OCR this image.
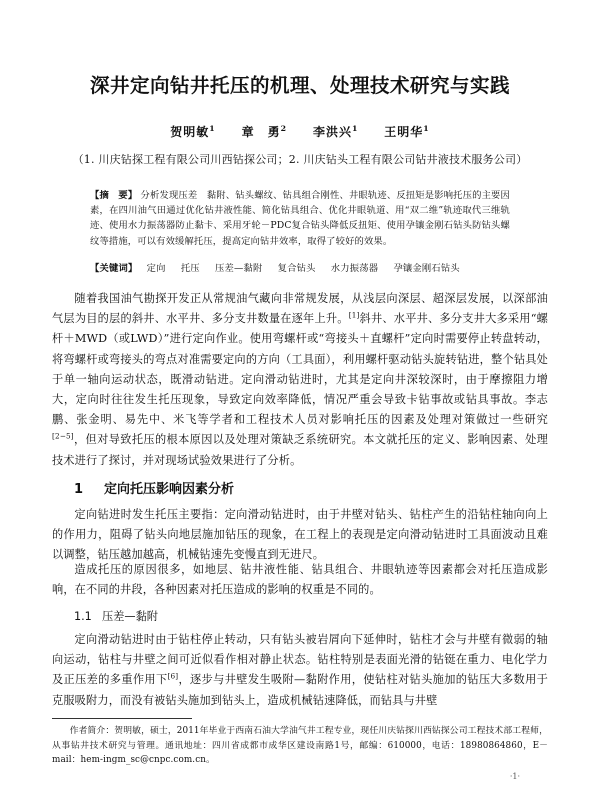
深井定向钻井托压的机理、处理技术研究与实践
贺明敏$^1$ 章　勇$^2$ 李洪兴$^1$ 王明华$^1$
（1. 川庆钻探工程有限公司川西钻探公司；2. 川庆钻头工程有限公司钻井液技术服务公司）
【摘　要】 分析发现压差　黏附、钻头螺纹、钻具组合刚性、井眼轨迹、反扭矩是影响托压的主要因素，在四川油气田通过优化钻井液性能、简化钻具组合、优化井眼轨道、用“双二维”轨迹取代三维轨迹、使用水力振荡器防止黏卡、采用牙轮－PDC复合钻头降低反扭矩、使用孕镶金刚石钻头防钻头螺纹等措施，可以有效缓解托压，提高定向钻井效率，取得了较好的效果。
【关键词】 定向 托压 压差—黏附 复合钻头 水力振荡器 孕镶金刚石钻头

随着我国油气勘探开发正从常规油气藏向非常规发展，从浅层向深层、超深层发展，以深部油气层为目的层的斜井、水平井、多分支井数量在逐年上升。[1]斜井、水平井、多分支井大多采用“螺杆＋MWD（或LWD）”进行定向作业。使用弯螺杆或“弯接头＋直螺杆”定向时需要停止转盘转动，将弯螺杆或弯接头的弯点对准需要定向的方向（工具面），利用螺杆驱动钻头旋转钻进，整个钻具处于单一轴向运动状态，既滑动钻进。定向滑动钻进时，尤其是定向井深较深时，由于摩擦阻力增大，定向时往往发生托压现象，导致定向效率降低，情况严重会导致卡钻事故或钻具事故。李志鹏、张金明、易先中、米飞等学者和工程技术人员对影响托压的因素及处理对策做过一些研究[2−5]，但对导致托压的根本原因以及处理对策缺乏系统研究。本文就托压的定义、影响因素、处理技术进行了探讨，并对现场试验效果进行了分析。

1 定向托压影响因素分析

定向钻进时发生托压主要指：定向滑动钻进时，由于井壁对钻头、钻柱产生的沿钻柱轴向向上的作用力，阻碍了钻头向地层施加钻压的现象，在工程上的表现是定向滑动钻进时工具面波动且难以调整，钻压越加越高，机械钻速先变慢直到无进尺。

造成托压的原因很多，如地层、钻井液性能、钻具组合、井眼轨迹等因素都会对托压造成影响，在不同的井段，各种因素对托压造成的影响的权重是不同的。

1.1 压差—黏附

定向滑动钻进时由于钻柱停止转动，只有钻头被岩屑向下延伸时，钻柱才会与井壁有微弱的轴向运动，钻柱与井壁之间可近似看作相对静止状态。钻柱特别是表面光滑的钻铤在重力、电化学力及正压差的多重作用下[6]，逐步与井壁发生吸附—黏附作用，使钻柱对钻头施加的钻压大多数用于克服吸附力，而没有被钻头施加到钻头上，造成机械钻速降低，而钻具与井壁

作者简介：贺明敏，硕士，2011年毕业于西南石油大学油气井工程专业，现任川庆钻探川西钻探公司工程技术部工程师，从事钻井技术研究与管理。通讯地址：四川省成都市成华区建设南路1号，邮编：610000，电话：18980864860，E－mail：hem-ingm_sc@cnpc.com.cn。

·1·
